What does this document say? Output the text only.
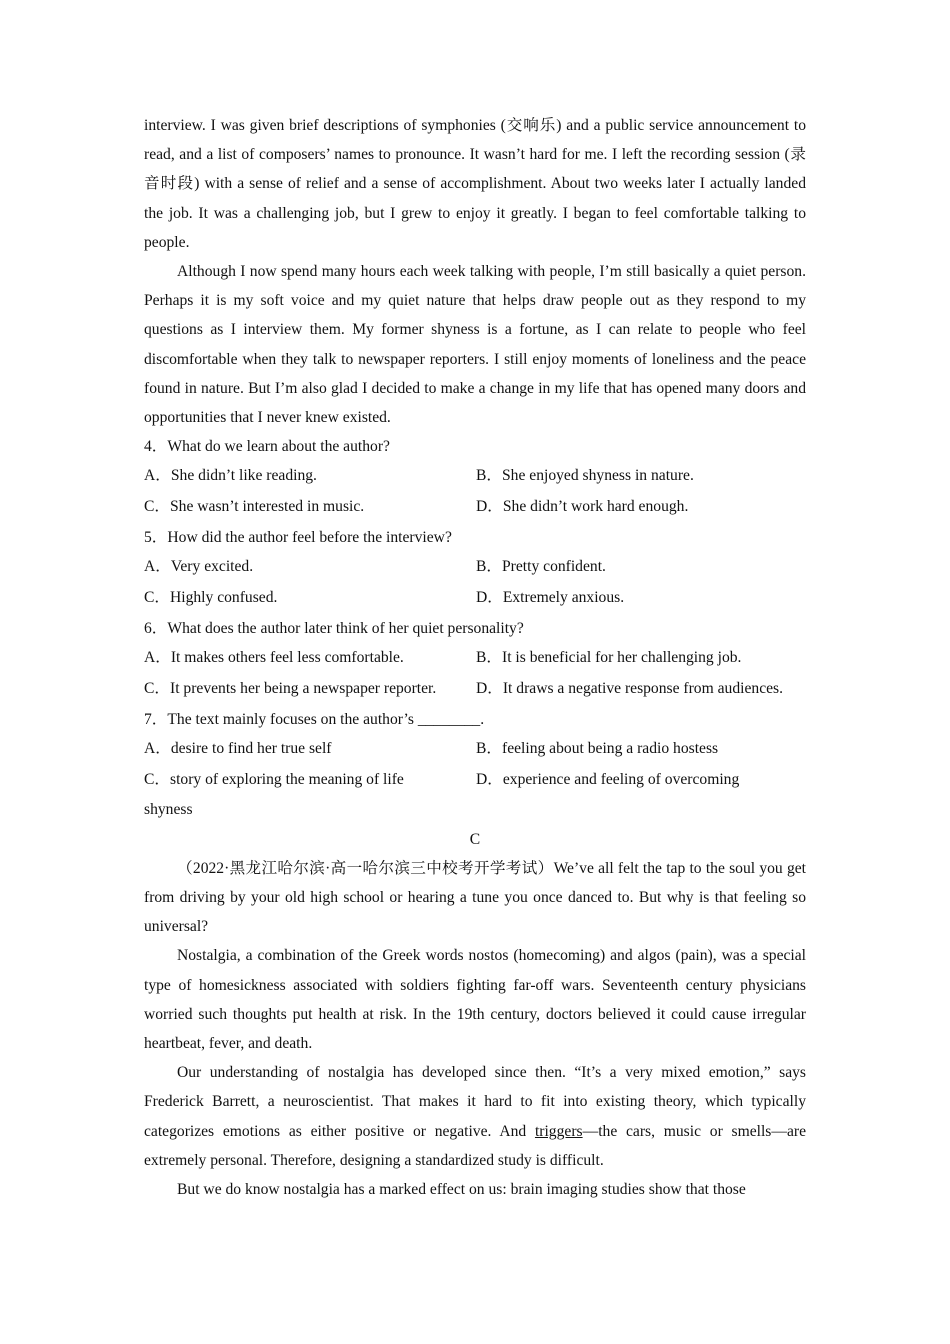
interview. I was given brief descriptions of symphonies (交响乐) and a public service announcement to read, and a list of composers’ names to pronounce. It wasn’t hard for me. I left the recording session (录音时段) with a sense of relief and a sense of accomplishment. About two weeks later I actually landed the job. It was a challenging job, but I grew to enjoy it greatly. I began to feel comfortable talking to people.

Although I now spend many hours each week talking with people, I’m still basically a quiet person. Perhaps it is my soft voice and my quiet nature that helps draw people out as they respond to my questions as I interview them. My former shyness is a fortune, as I can relate to people who feel discomfortable when they talk to newspaper reporters. I still enjoy moments of loneliness and the peace found in nature. But I’m also glad I decided to make a change in my life that has opened many doors and opportunities that I never knew existed.

4．What do we learn about the author?

A．She didn’t like reading.	B．She enjoyed shyness in nature.

C．She wasn’t interested in music.	D．She didn’t work hard enough.

5．How did the author feel before the interview?

A．Very excited.	B．Pretty confident.

C．Highly confused.	D．Extremely anxious.

6．What does the author later think of her quiet personality?

A．It makes others feel less comfortable.	B．It is beneficial for her challenging job.

C．It prevents her being a newspaper reporter.	D．It draws a negative response from audiences.

7．The text mainly focuses on the author’s ________.

A．desire to find her true self	B．feeling about being a radio hostess

C．story of exploring the meaning of life	D．experience and feeling of overcoming

shyness

C

（2022·黑龙江哈尔滨·高一哈尔滨三中校考开学考试）We’ve all felt the tap to the soul you get from driving by your old high school or hearing a tune you once danced to. But why is that feeling so universal?

Nostalgia, a combination of the Greek words nostos (homecoming) and algos (pain), was a special type of homesickness associated with soldiers fighting far-off wars. Seventeenth century physicians worried such thoughts put health at risk. In the 19th century, doctors believed it could cause irregular heartbeat, fever, and death.

Our understanding of nostalgia has developed since then. “It’s a very mixed emotion,” says Frederick Barrett, a neuroscientist. That makes it hard to fit into existing theory, which typically categorizes emotions as either positive or negative. And triggers—the cars, music or smells—are extremely personal. Therefore, designing a standardized study is difficult.

But we do know nostalgia has a marked effect on us: brain imaging studies show that those
